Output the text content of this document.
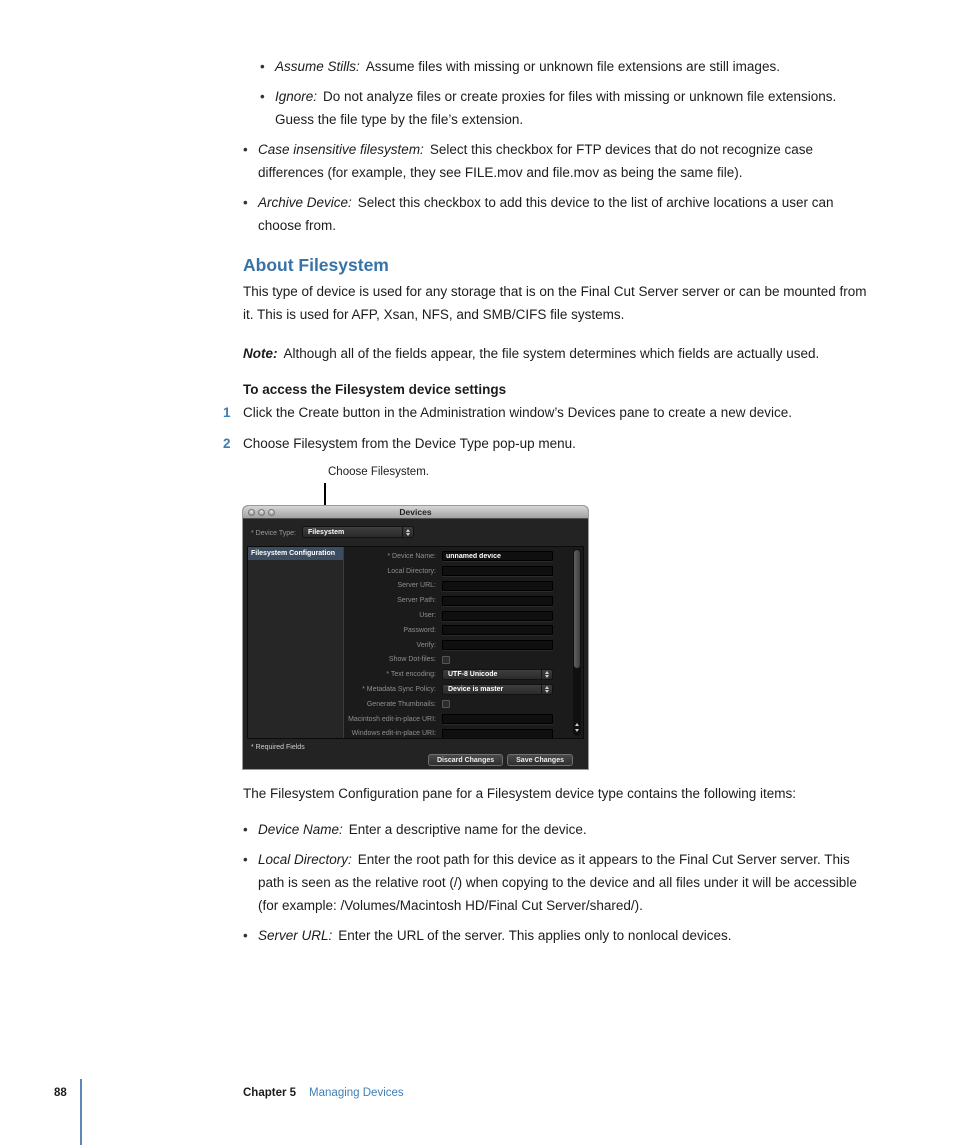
• Assume Stills: Assume files with missing or unknown file extensions are still images.
• Ignore: Do not analyze files or create proxies for files with missing or unknown file extensions. Guess the file type by the file’s extension.
• Case insensitive filesystem: Select this checkbox for FTP devices that do not recognize case differences (for example, they see FILE.mov and file.mov as being the same file).
• Archive Device: Select this checkbox to add this device to the list of archive locations a user can choose from.
About Filesystem

This type of device is used for any storage that is on the Final Cut Server server or can be mounted from it. This is used for AFP, Xsan, NFS, and SMB/CIFS file systems.

Note: Although all of the fields appear, the file system determines which fields are actually used.

To access the Filesystem device settings

1 Click the Create button in the Administration window’s Devices pane to create a new device.
2 Choose Filesystem from the Device Type pop-up menu.
Choose Filesystem.
Devices
* Device Type: Filesystem
Filesystem Configuration	* Device Name:
unnamed device
Local Directory:
Server URL:
Server Path:
User:
Password:
Verify:
Show Dot-files:
* Text encoding: UTF-8 Unicode
* Metadata Sync Policy: Device is master
Generate Thumbnails:
Macintosh edit-in-place URI:
Windows edit-in-place URI:
* Required Fields
Discard Changes	Save Changes

The Filesystem Configuration pane for a Filesystem device type contains the following items:

• Device Name: Enter a descriptive name for the device.
• Local Directory: Enter the root path for this device as it appears to the Final Cut Server server. This path is seen as the relative root (/) when copying to the device and all files under it will be accessible (for example: /Volumes/Macintosh HD/Final Cut Server/shared/).
• Server URL: Enter the URL of the server. This applies only to nonlocal devices.
88	Chapter 5 Managing Devices
